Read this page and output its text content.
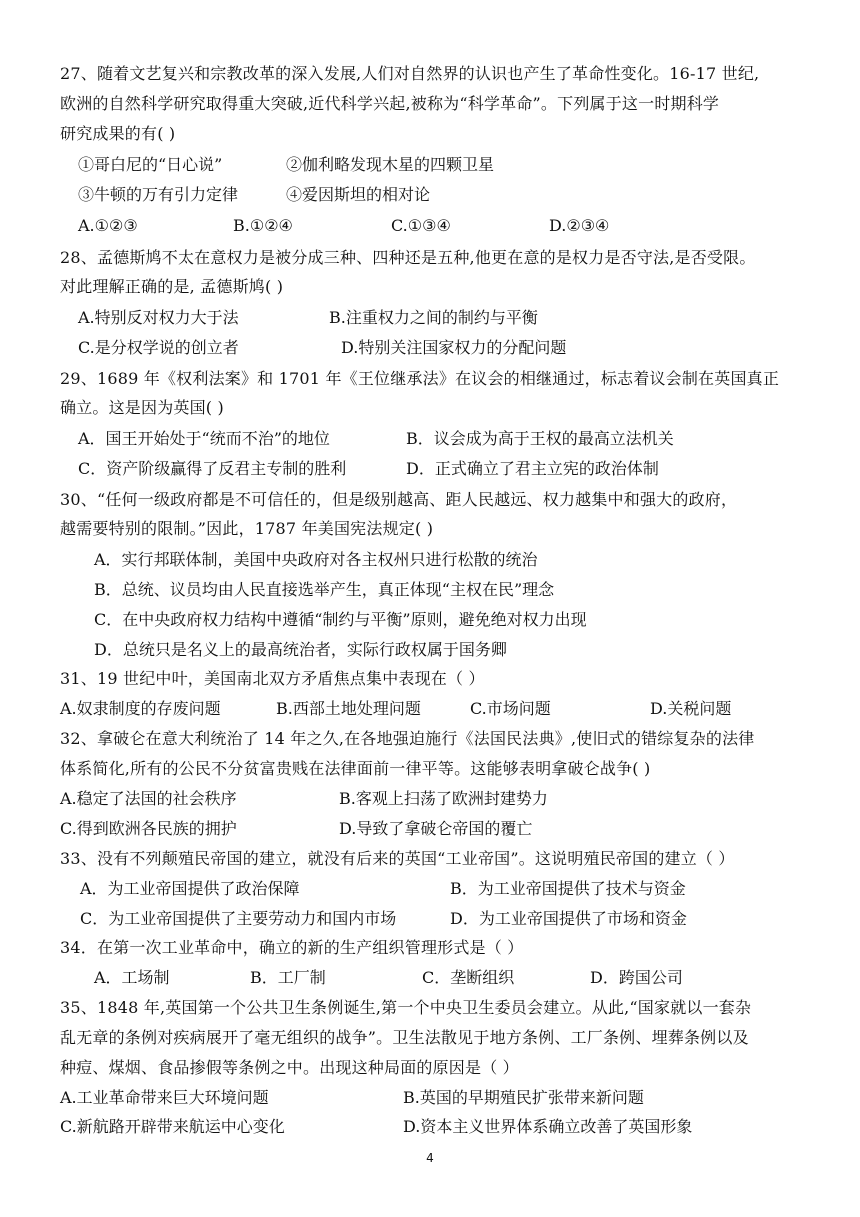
27、随着文艺复兴和宗教改革的深入发展,人们对自然界的认识也产生了革命性变化。16-17 世纪,
欧洲的自然科学研究取得重大突破,近代科学兴起,被称为“科学革命”。下列属于这一时期科学
研究成果的有( )
①哥白尼的“日心说”	②伽利略发现木星的四颗卫星
③牛顿的万有引力定律	④爱因斯坦的相对论
A.①②③	B.①②④	C.①③④	D.②③④
28、孟德斯鸠不太在意权力是被分成三种、四种还是五种,他更在意的是权力是否守法,是否受限。
对此理解正确的是, 孟德斯鸠( )
A.特别反对权力大于法	B.注重权力之间的制约与平衡
C.是分权学说的创立者	D.特别关注国家权力的分配问题
29、1689 年《权利法案》和 1701 年《王位继承法》在议会的相继通过，标志着议会制在英国真正
确立。这是因为英国( )
A．国王开始处于“统而不治”的地位	B．议会成为高于王权的最高立法机关
C．资产阶级赢得了反君主专制的胜利	D．正式确立了君主立宪的政治体制
30、“任何一级政府都是不可信任的，但是级别越高、距人民越远、权力越集中和强大的政府，
越需要特别的限制。”因此，1787 年美国宪法规定( )
A．实行邦联体制，美国中央政府对各主权州只进行松散的统治
B．总统、议员均由人民直接选举产生，真正体现“主权在民”理念
C．在中央政府权力结构中遵循“制约与平衡”原则，避免绝对权力出现
D．总统只是名义上的最高统治者，实际行政权属于国务卿
31、19 世纪中叶，美国南北双方矛盾焦点集中表现在（ ）
A.奴隶制度的存废问题	B.西部土地处理问题	C.市场问题	D.关税问题
32、拿破仑在意大利统治了 14 年之久,在各地强迫施行《法国民法典》,使旧式的错综复杂的法律
体系简化,所有的公民不分贫富贵贱在法律面前一律平等。这能够表明拿破仑战争( )
A.稳定了法国的社会秩序	B.客观上扫荡了欧洲封建势力
C.得到欧洲各民族的拥护	D.导致了拿破仑帝国的覆亡
33、没有不列颠殖民帝国的建立，就没有后来的英国“工业帝国”。这说明殖民帝国的建立（ ）
A．为工业帝国提供了政治保障	B．为工业帝国提供了技术与资金
C．为工业帝国提供了主要劳动力和国内市场	D．为工业帝国提供了市场和资金
34．在第一次工业革命中，确立的新的生产组织管理形式是（ ）
A．工场制	B．工厂制	C．垄断组织	D．跨国公司
35、1848 年,英国第一个公共卫生条例诞生,第一个中央卫生委员会建立。从此,“国家就以一套杂
乱无章的条例对疾病展开了毫无组织的战争”。卫生法散见于地方条例、工厂条例、埋葬条例以及
种痘、煤烟、食品掺假等条例之中。出现这种局面的原因是（ ）
A.工业革命带来巨大环境问题	B.英国的早期殖民扩张带来新问题
C.新航路开辟带来航运中心变化	D.资本主义世界体系确立改善了英国形象
4
